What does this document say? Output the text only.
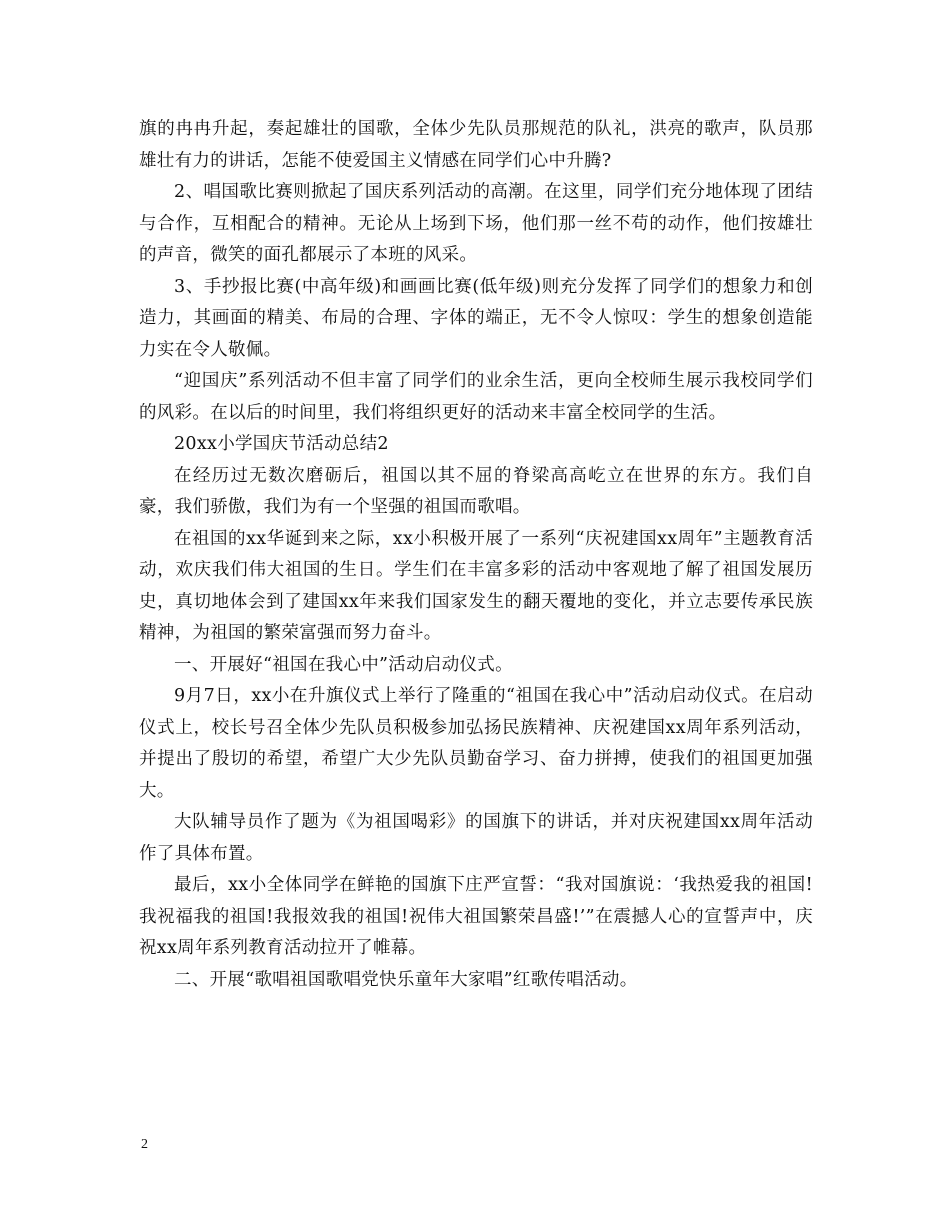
旗的冉冉升起，奏起雄壮的国歌，全体少先队员那规范的队礼，洪亮的歌声，队员那雄壮有力的讲话，怎能不使爱国主义情感在同学们心中升腾?

2、唱国歌比赛则掀起了国庆系列活动的高潮。在这里，同学们充分地体现了团结与合作，互相配合的精神。无论从上场到下场，他们那一丝不苟的动作，他们按雄壮的声音，微笑的面孔都展示了本班的风采。

3、手抄报比赛(中高年级)和画画比赛(低年级)则充分发挥了同学们的想象力和创造力，其画面的精美、布局的合理、字体的端正，无不令人惊叹：学生的想象创造能力实在令人敬佩。

“迎国庆”系列活动不但丰富了同学们的业余生活，更向全校师生展示我校同学们的风彩。在以后的时间里，我们将组织更好的活动来丰富全校同学的生活。

20xx小学国庆节活动总结2

在经历过无数次磨砺后，祖国以其不屈的脊梁高高屹立在世界的东方。我们自豪，我们骄傲，我们为有一个坚强的祖国而歌唱。

在祖国的xx华诞到来之际，xx小积极开展了一系列“庆祝建国xx周年”主题教育活动，欢庆我们伟大祖国的生日。学生们在丰富多彩的活动中客观地了解了祖国发展历史，真切地体会到了建国xx年来我们国家发生的翻天覆地的变化，并立志要传承民族精神，为祖国的繁荣富强而努力奋斗。

一、开展好“祖国在我心中”活动启动仪式。

9月7日，xx小在升旗仪式上举行了隆重的“祖国在我心中”活动启动仪式。在启动仪式上，校长号召全体少先队员积极参加弘扬民族精神、庆祝建国xx周年系列活动，并提出了殷切的希望，希望广大少先队员勤奋学习、奋力拼搏，使我们的祖国更加强大。

大队辅导员作了题为《为祖国喝彩》的国旗下的讲话，并对庆祝建国xx周年活动作了具体布置。

最后，xx小全体同学在鲜艳的国旗下庄严宣誓：“我对国旗说：‘我热爱我的祖国!我祝福我的祖国!我报效我的祖国!祝伟大祖国繁荣昌盛!’”在震撼人心的宣誓声中，庆祝xx周年系列教育活动拉开了帷幕。

二、开展“歌唱祖国歌唱党快乐童年大家唱”红歌传唱活动。

2
